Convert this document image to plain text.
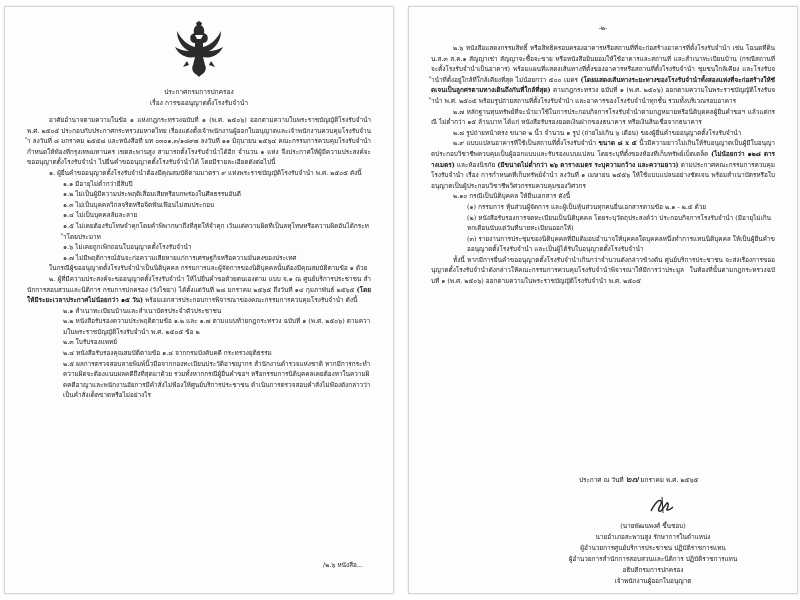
ประกาศกรมการปกครอง
เรื่อง การขออนุญาตตั้งโรงรับจำนำ

อาศัยอำนาจตามความในข้อ ๑ แห่งกฎกระทรวงฉบับที่ ๑ (พ.ศ. ๒๕๐๖) ออกตามความในพระราชบัญญัติโรงรับจำนำ พ.ศ. ๒๕๐๕ ประกอบกับประกาศกระทรวงมหาดไทย เรื่องแต่งตั้งเจ้าพนักงานผู้ออกใบอนุญาตและเจ้าพนักงานควบคุมโรงรับจำนำ ลงวันที่ ๘ มกราคม ๒๕๕๘ และหนังสือที่ มท ๐๓๐๑.๓/๑๘๙๗ ลงวันที่ ๑๑ มิถุนายน ๒๕๖๔ คณะกรรมการควบคุมโรงรับจำนำกำหนดให้ท้องที่กรุงเทพมหานคร เขตสะพานสูง สามารถตั้งโรงรับจำนำได้อีก จำนวน ๑ แห่ง จึงประกาศให้ผู้มีความประสงค์จะขออนุญาตตั้งโรงรับจำนำ ไปยื่นคำขออนุญาตตั้งโรงรับจำนำได้ โดยมีรายละเอียดดังต่อไปนี้

๑. ผู้ยื่นคำขออนุญาตตั้งโรงรับจำนำต้องมีคุณสมบัติตามมาตรา ๙ แห่งพระราชบัญญัติโรงรับจำนำ พ.ศ. ๒๕๐๕ ดังนี้

๑.๑ มีอายุไม่ต่ำกว่ายี่สิบปี

๑.๒ ไม่เป็นผู้มีความประพฤติเสื่อมเสียหรือบกพร่องในศีลธรรมอันดี

๑.๓ ไม่เป็นบุคคลวิกลจริตหรือจิตฟั่นเฟือนไม่สมประกอบ

๑.๔ ไม่เป็นบุคคลล้มละลาย

๑.๕ ไม่เคยต้องรับโทษจำคุกโดยคำพิพากษาถึงที่สุดให้จำคุก เว้นแต่ความผิดที่เป็นลหุโทษหรือความผิดอันได้กระทำโดยประมาท

๑.๖ ไม่เคยถูกเพิกถอนใบอนุญาตตั้งโรงรับจำนำ

๑.๗ ไม่มีพฤติการณ์อันจะก่อความเสียหายแก่การเศรษฐกิจหรือความมั่นคงของประเทศ

ในกรณีผู้ขออนุญาตตั้งโรงรับจำนำเป็นนิติบุคคล กรรมการและผู้จัดการของนิติบุคคลนั้นต้องมีคุณสมบัติตามข้อ ๑ ด้วย

๒. ผู้ที่มีความประสงค์จะขออนุญาตตั้งโรงรับจำนำ ให้ไปยื่นคำขอด้วยตนเองตาม แบบ จ.๑ ณ ศูนย์บริการประชาชน สำนักการสอบสวนและนิติการ กรมการปกครอง (วังไชยา) ได้ตั้งแต่วันที่ ๒๘ มกราคม ๒๕๖๕ ถึงวันที่ ๑๔ กุมภาพันธ์ ๒๕๖๕ (โดยให้มีระยะเวลาประกาศไม่น้อยกว่า ๑๕ วัน) พร้อมเอกสารประกอบการพิจารณาของคณะกรรมการควบคุมโรงรับจำนำ ดังนี้

๒.๑ สำเนาทะเบียนบ้านและสำเนาบัตรประจำตัวประชาชน

๒.๒ หนังสือรับรองความประพฤติตามข้อ ๑.๒ และ ๑.๗ ตามแบบท้ายกฎกระทรวง ฉบับที่ ๑ (พ.ศ. ๒๕๐๖) ตามความในพระราชบัญญัติโรงรับจำนำ พ.ศ. ๒๕๐๕ ข้อ ๒

๒.๓ ใบรับรองแพทย์

๒.๔ หนังสือรับรองคุณสมบัติตามข้อ ๑.๔ จากกรมบังคับคดี กระทรวงยุติธรรม

๒.๕ ผลการตรวจสอบลายพิมพ์นิ้วมือจากกองทะเบียนประวัติอาชญากร สำนักงานตำรวจแห่งชาติ หากมีการกระทำความผิดจะต้องแนบผลคดีถึงที่สุดมาด้วย รวมทั้งหากกรณีผู้ยื่นคำขอฯ หรือกรรมการนิติบุคคลเคยต้องหาในความผิดคดีอาญาและพนักงานอัยการมีคำสั่งไม่ฟ้องให้ศูนย์บริการประชาชน ดำเนินการตรวจสอบคำสั่งไม่ฟ้องดังกล่าวว่าเป็นคำสั่งเด็ดขาดหรือไม่อย่างไร

/๒.๖ หนังสือ...
-๒-

๒.๖ หนังสือแสดงกรรมสิทธิ์ หรือสิทธิครอบครองอาคารหรือสถานที่ที่จะก่อสร้างอาคารที่ตั้งโรงรับจำนำ เช่น โฉนดที่ดิน น.ส.๓ ส.ค.๑ สัญญาเช่า สัญญาจะซื้อจะขาย หรือหนังสือยินยอมให้ใช้อาคารและสถานที่ และสำเนาทะเบียนบ้าน (กรณีสถานที่จะตั้งโรงรับจำนำเป็นอาคาร) พร้อมแผนที่แสดงเส้นทางที่ตั้งของอาคารหรือสถานที่ตั้งโรงรับจำนำ ชุมชนใกล้เคียง และโรงรับจำนำที่ตั้งอยู่ใกล้ที่ใกล้เคียงที่สุด ไม่น้อยกว่า ๕๐๐ เมตร (โดยแสดงเส้นทางระยะทางของโรงรับจำนำทั้งสองแห่งที่จะก่อสร้างให้ชัดเจนเป็นลูกศรตามทางเดินถึงกันที่ใกล้ที่สุด) ตามกฎกระทรวง ฉบับที่ ๑ (พ.ศ. ๒๕๐๖) ออกตามความในพระราชบัญญัติโรงรับจำนำ พ.ศ. ๒๕๐๕ พร้อมรูปถ่ายสถานที่ตั้งโรงรับจำนำ และอาคารของโรงรับจำนำทุกชั้น รวมทั้งบริเวณรอบอาคาร

๒.๗ หลักฐานทุนทรัพย์ที่จะนำมาใช้ในการประกอบกิจการโรงรับจำนำตามกฎหมายหรือนิติบุคคลผู้ยื่นคำขอฯ แล้วแต่กรณี ไม่ต่ำกว่า ๑๕ ล้านบาท ได้แก่ หนังสือรับรองยอดเงินฝากของธนาคาร หรือเงินสินเชื่อจากธนาคาร

๒.๘ รูปถ่ายหน้าตรง ขนาด ๒ นิ้ว จำนวน ๑ รูป (ถ่ายไม่เกิน ๖ เดือน) ของผู้ยื่นคำขออนุญาตตั้งโรงรับจำนำ

๒.๙ แบบแปลนอาคารที่ใช้เป็นสถานที่ตั้งโรงรับจำนำ ขนาด ๘ x ๕ นิ้วมีความยาวไม่เกินให้รับอนุญาตเป็นผู้มีใบอนุญาตประกอบวิชาชีพควบคุมเป็นผู้ออกแบบและรับรองแบบแปลน โดยระบุที่ตั้งของห้องที่เก็บทรัพย์เบ็ดเตล็ด (ไม่น้อยกว่า ๑๒๘ ตารางเมตร) และห้องนิรภัย (มีขนาดไม่ต่ำกว่า ๒๖ ตารางเมตร ระบุความกว้าง และความยาว) ตามประกาศคณะกรรมการควบคุมโรงรับจำนำ เรื่อง การกำหนดที่เก็บทรัพย์จำนำ ลงวันที่ ๑ เมษายน ๒๕๕๖ ให้ใช้แบบแปลนอย่างชัดเจน พร้อมสำเนาบัตรหรือใบอนุญาตเป็นผู้ประกอบวิชาชีพวิศวกรรมควบคุมของวิศวกร

๒.๑๐ กรณีเป็นนิติบุคคล ให้ยื่นเอกสาร ดังนี้

(๑) กรรมการ หุ้นส่วนผู้จัดการ และผู้เป็นหุ้นส่วนทุกคนยื่นเอกสารตามข้อ ๒.๑ - ๒.๕ ด้วย

(๒) หนังสือรับรองการจดทะเบียนเป็นนิติบุคคล โดยระบุวัตถุประสงค์ว่า ประกอบกิจการโรงรับจำนำ (มีอายุไม่เกินหกเดือนนับแต่วันที่นายทะเบียนออกให้)

(๓) รายงานการประชุมของนิติบุคคลที่มีมติมอบอำนาจให้บุคคลใดบุคคลหนึ่งทำการแทนนิติบุคคล ให้เป็นผู้ยื่นคำขออนุญาตตั้งโรงรับจำนำ และเป็นผู้ได้รับใบอนุญาตตั้งโรงรับจำนำ

ทั้งนี้ หากมีการยื่นคำขออนุญาตตั้งโรงรับจำนำเกินกว่าจำนวนดังกล่าวข้างต้น ศูนย์บริการประชาชน จะส่งเรื่องการขออนุญาตตั้งโรงรับจำนำดังกล่าวให้คณะกรรมการควบคุมโรงรับจำนำพิจารณาให้มีการว่าประมูล ในท้องที่นั้นตามกฎกระทรวงฉบับที่ ๑ (พ.ศ. ๒๕๐๖) ออกตามความในพระราชบัญญัติโรงรับจำนำ พ.ศ. ๒๕๐๕

ประกาศ ณ วันที่ ๒๗ มกราคม พ.ศ. ๒๕๖๕
(นายพัฒนพงศ์ ขึ้นชอบ)
นายอำเภอสะพานสูง รักษาการในตำแหน่ง
ผู้อำนวยการศูนย์บริการประชาชน ปฏิบัติราชการแทน
ผู้อำนวยการสำนักการสอบสวนและนิติการ ปฏิบัติราชการแทน
อธิบดีกรมการปกครอง
เจ้าพนักงานผู้ออกใบอนุญาต
